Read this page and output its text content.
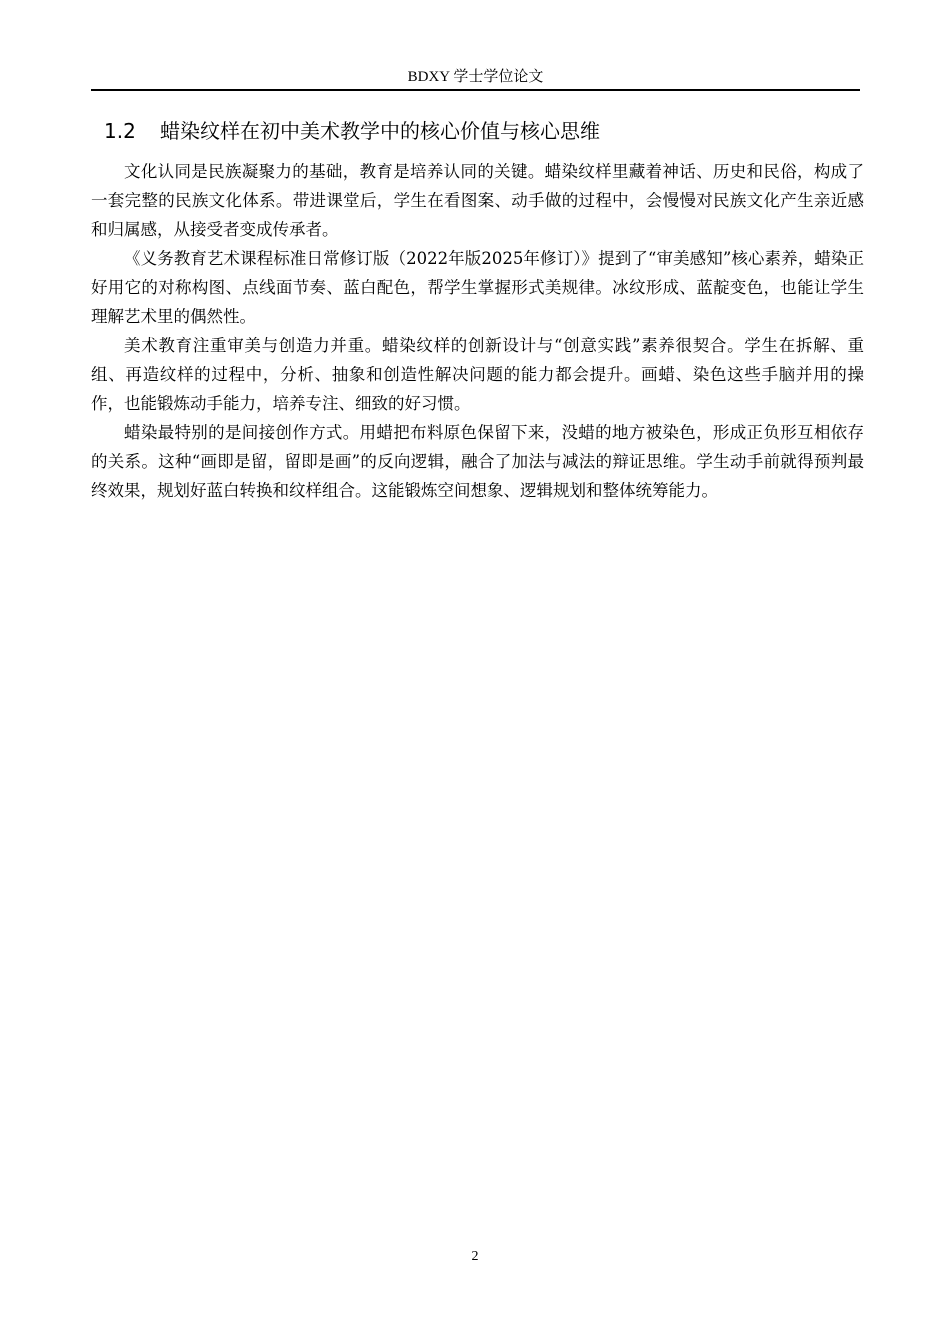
BDXY 学士学位论文
1.2 蜡染纹样在初中美术教学中的核心价值与核心思维

文化认同是民族凝聚力的基础，教育是培养认同的关键。蜡染纹样里藏着神话、历史和民俗，构成了一套完整的民族文化体系。带进课堂后，学生在看图案、动手做的过程中，会慢慢对民族文化产生亲近感和归属感，从接受者变成传承者。

《义务教育艺术课程标准日常修订版（2022年版2025年修订）》提到了“审美感知”核心素养，蜡染正好用它的对称构图、点线面节奏、蓝白配色，帮学生掌握形式美规律。冰纹形成、蓝靛变色，也能让学生理解艺术里的偶然性。

美术教育注重审美与创造力并重。蜡染纹样的创新设计与“创意实践”素养很契合。学生在拆解、重组、再造纹样的过程中，分析、抽象和创造性解决问题的能力都会提升。画蜡、染色这些手脑并用的操作，也能锻炼动手能力，培养专注、细致的好习惯。

蜡染最特别的是间接创作方式。用蜡把布料原色保留下来，没蜡的地方被染色，形成正负形互相依存的关系。这种“画即是留，留即是画”的反向逻辑，融合了加法与减法的辩证思维。学生动手前就得预判最终效果，规划好蓝白转换和纹样组合。这能锻炼空间想象、逻辑规划和整体统筹能力。

2
